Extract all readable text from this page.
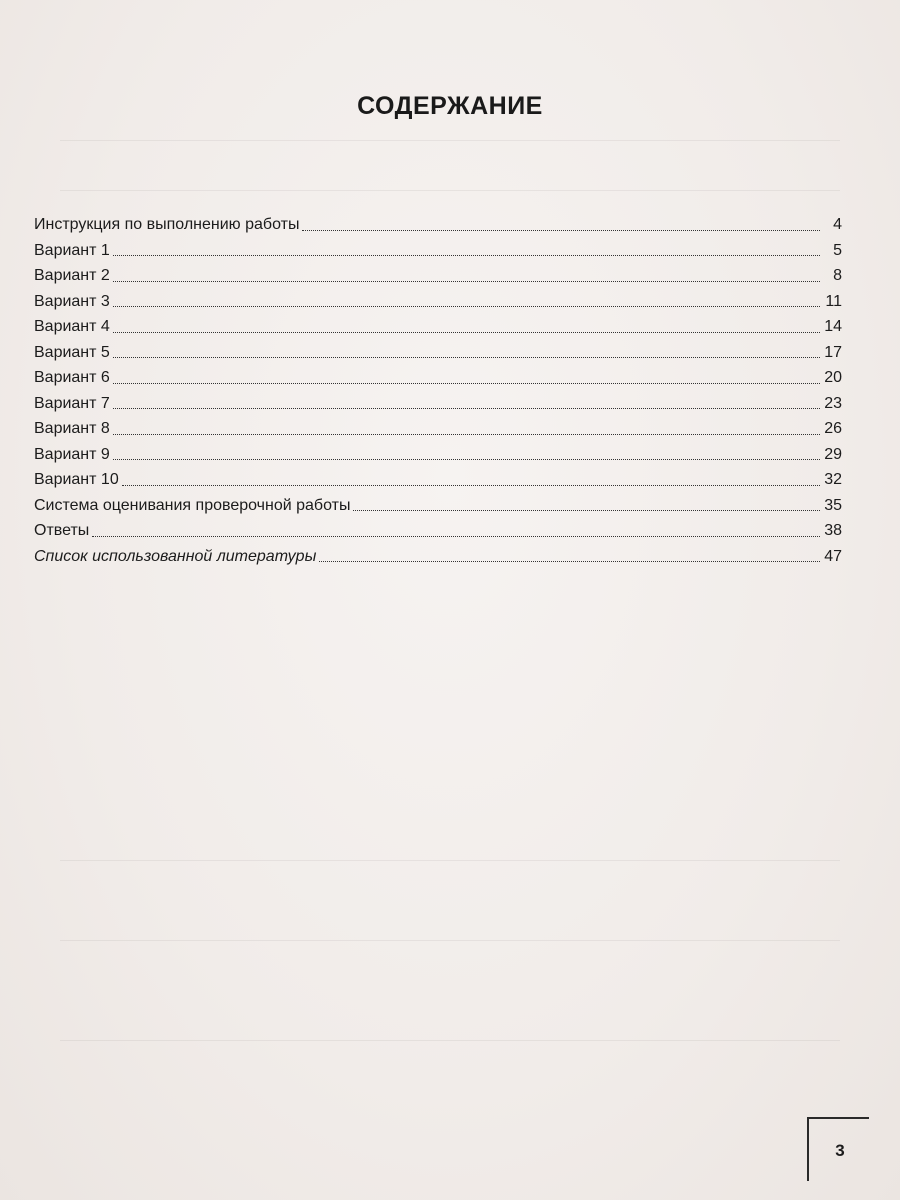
СОДЕРЖАНИЕ
Инструкция по выполнению работы	4
Вариант 1	5
Вариант 2	8
Вариант 3	11
Вариант 4	14
Вариант 5	17
Вариант 6	20
Вариант 7	23
Вариант 8	26
Вариант 9	29
Вариант 10	32
Система оценивания проверочной работы	35
Ответы	38
Список использованной литературы	47
3
